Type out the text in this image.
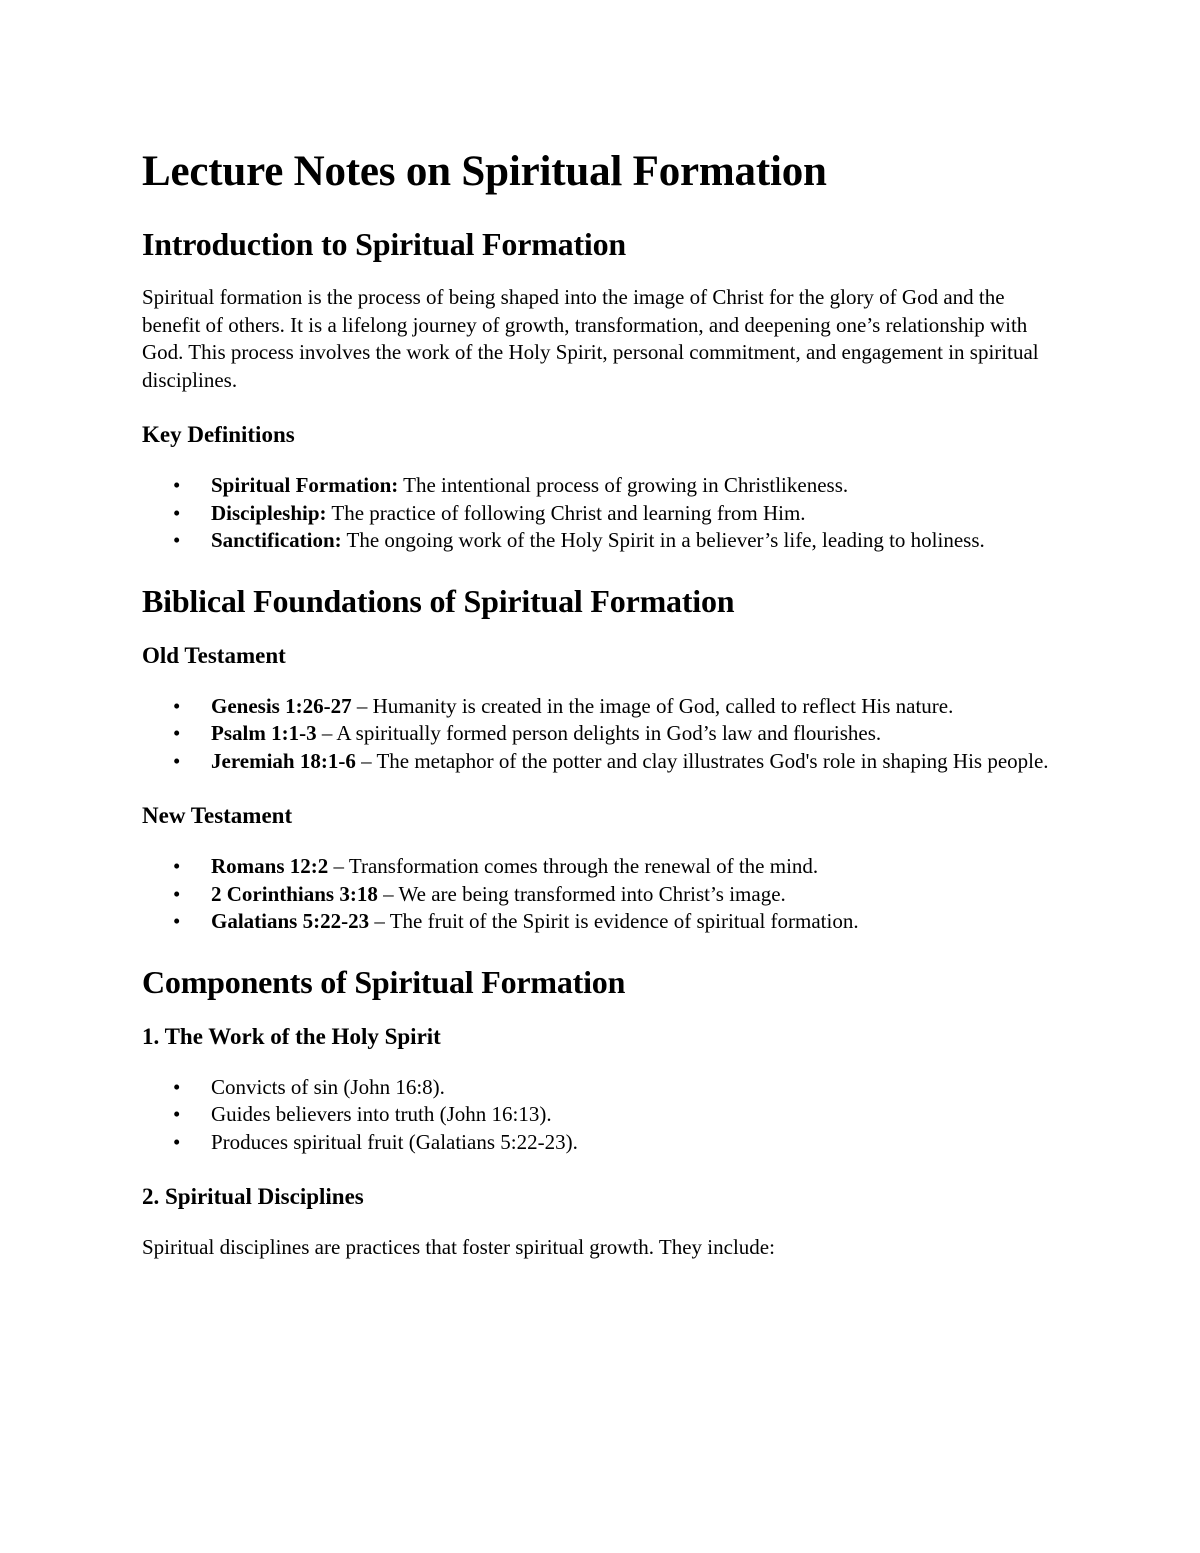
Lecture Notes on Spiritual Formation
Introduction to Spiritual Formation

Spiritual formation is the process of being shaped into the image of Christ for the glory of God and the benefit of others. It is a lifelong journey of growth, transformation, and deepening one’s relationship with God. This process involves the work of the Holy Spirit, personal commitment, and engagement in spiritual disciplines.

Key Definitions
• Spiritual Formation: The intentional process of growing in Christlikeness.
• Discipleship: The practice of following Christ and learning from Him.
• Sanctification: The ongoing work of the Holy Spirit in a believer’s life, leading to holiness.
Biblical Foundations of Spiritual Formation
Old Testament
• Genesis 1:26-27 – Humanity is created in the image of God, called to reflect His nature.
• Psalm 1:1-3 – A spiritually formed person delights in God’s law and flourishes.
• Jeremiah 18:1-6 – The metaphor of the potter and clay illustrates God's role in shaping His people.
New Testament
• Romans 12:2 – Transformation comes through the renewal of the mind.
• 2 Corinthians 3:18 – We are being transformed into Christ’s image.
• Galatians 5:22-23 – The fruit of the Spirit is evidence of spiritual formation.
Components of Spiritual Formation
1. The Work of the Holy Spirit
• Convicts of sin (John 16:8).
• Guides believers into truth (John 16:13).
• Produces spiritual fruit (Galatians 5:22-23).
2. Spiritual Disciplines

Spiritual disciplines are practices that foster spiritual growth. They include:
